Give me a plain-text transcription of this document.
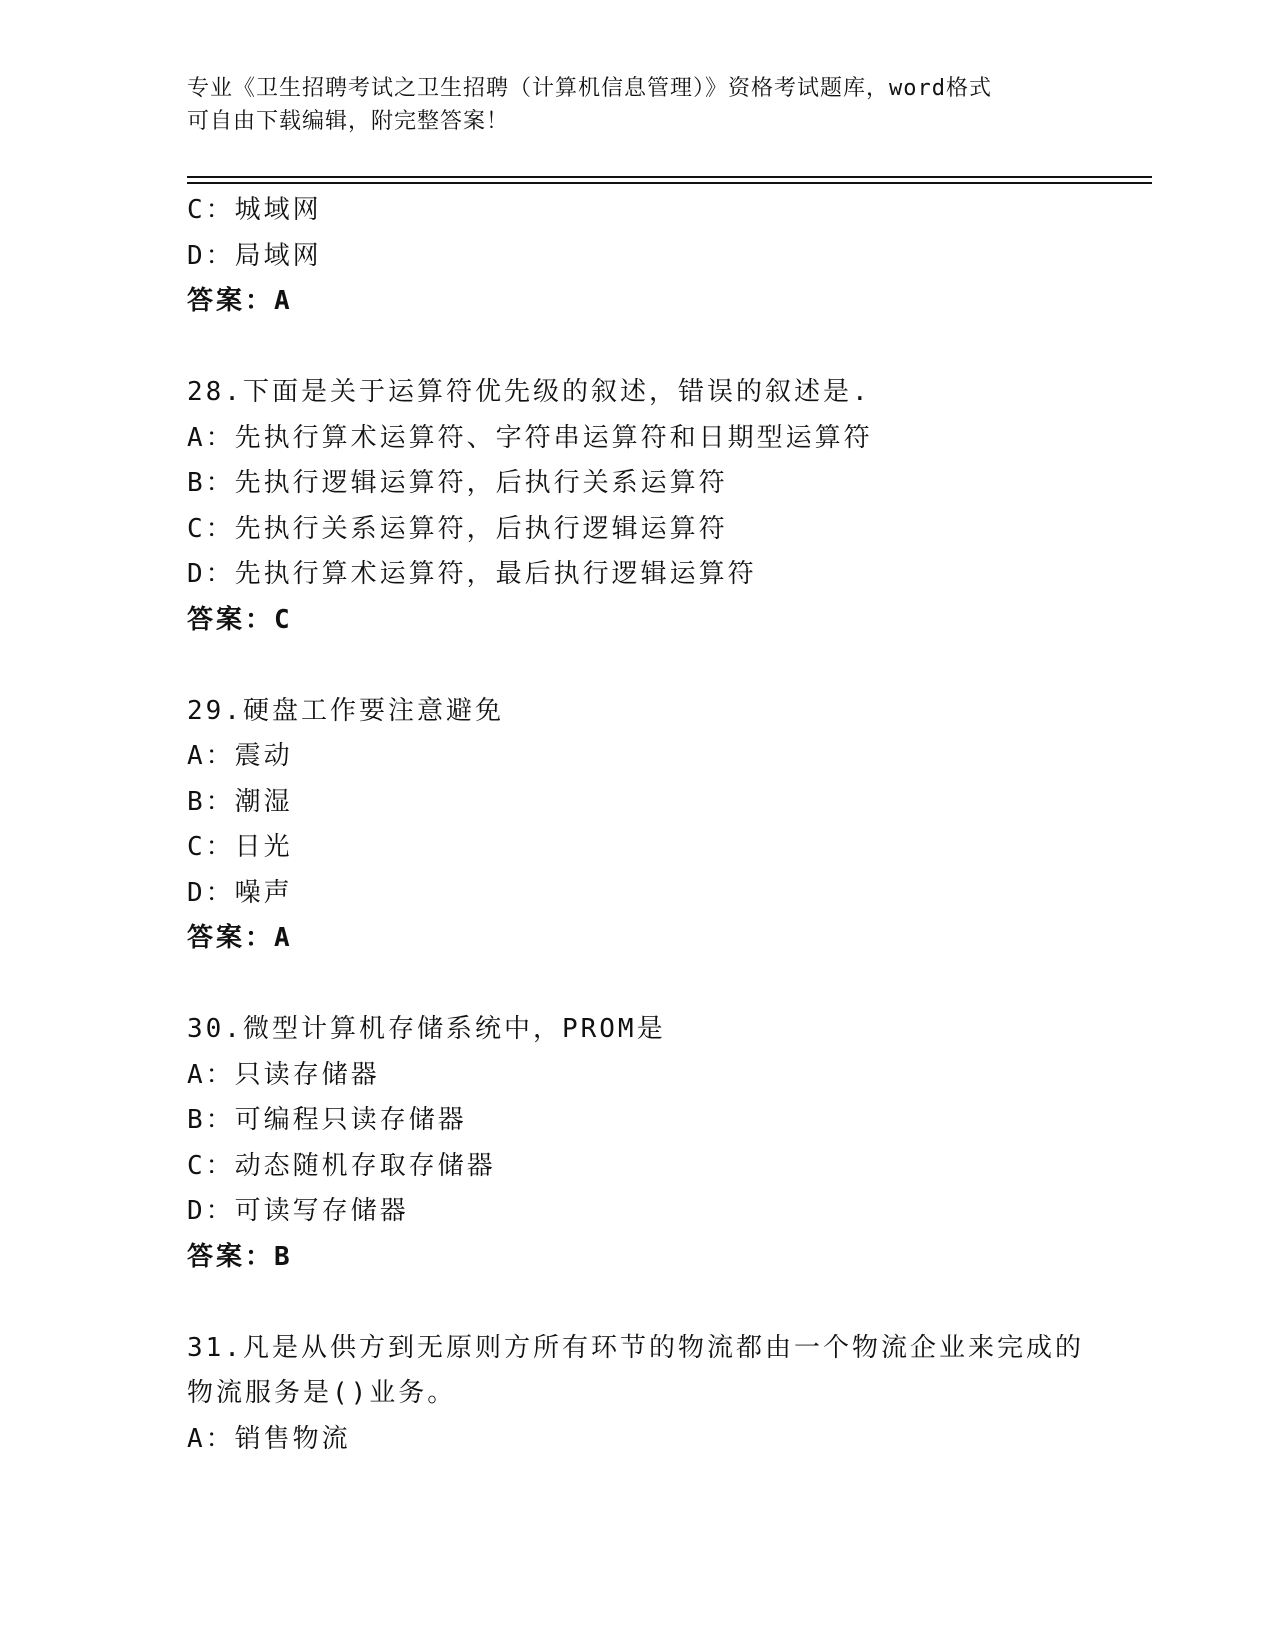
专业《卫生招聘考试之卫生招聘（计算机信息管理）》资格考试题库，word格式
可自由下载编辑，附完整答案！
C：城域网
D：局域网
答案：A
28.下面是关于运算符优先级的叙述，错误的叙述是.
A：先执行算术运算符、字符串运算符和日期型运算符
B：先执行逻辑运算符，后执行关系运算符
C：先执行关系运算符，后执行逻辑运算符
D：先执行算术运算符，最后执行逻辑运算符
答案：C
29.硬盘工作要注意避免
A：震动
B：潮湿
C：日光
D：噪声
答案：A
30.微型计算机存储系统中，PROM是
A：只读存储器
B：可编程只读存储器
C：动态随机存取存储器
D：可读写存储器
答案：B
31.凡是从供方到无原则方所有环节的物流都由一个物流企业来完成的
物流服务是()业务。
A：销售物流
